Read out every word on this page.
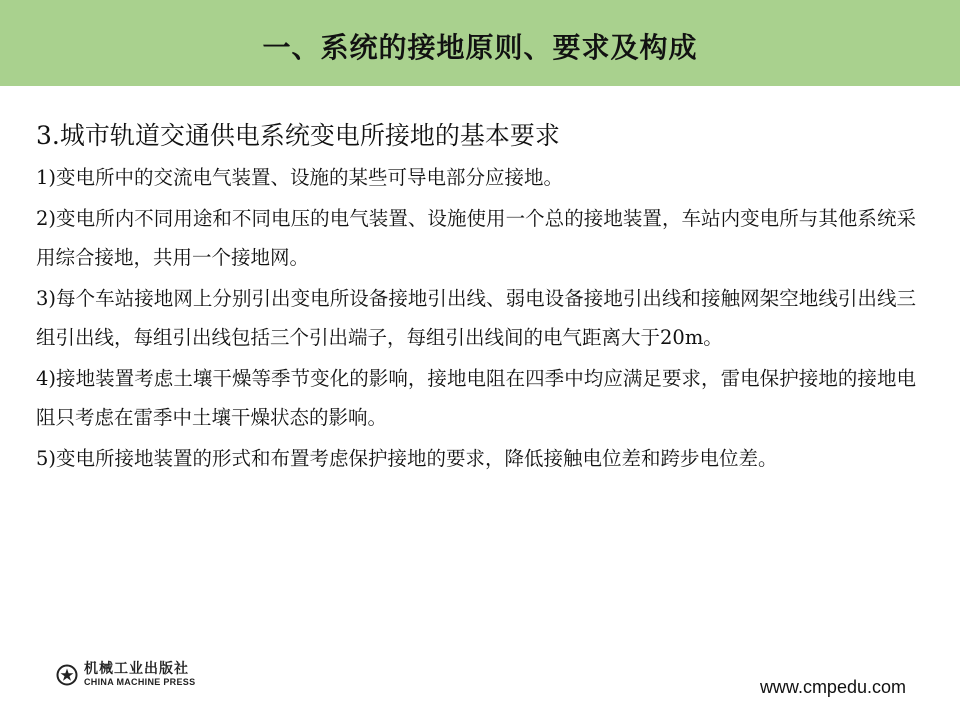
一、系统的接地原则、要求及构成
3.城市轨道交通供电系统变电所接地的基本要求

1)变电所中的交流电气装置、设施的某些可导电部分应接地。

2)变电所内不同用途和不同电压的电气装置、设施使用一个总的接地装置，车站内变电所与其他系统采用综合接地，共用一个接地网。

3)每个车站接地网上分别引出变电所设备接地引出线、弱电设备接地引出线和接触网架空地线引出线三组引出线，每组引出线包括三个引出端子，每组引出线间的电气距离大于20m。

4)接地装置考虑土壤干燥等季节变化的影响，接地电阻在四季中均应满足要求，雷电保护接地的接地电阻只考虑在雷季中土壤干燥状态的影响。

5)变电所接地装置的形式和布置考虑保护接地的要求，降低接触电位差和跨步电位差。

机械工业出版社
CHINA MACHINE PRESS	www.cmpedu.com
